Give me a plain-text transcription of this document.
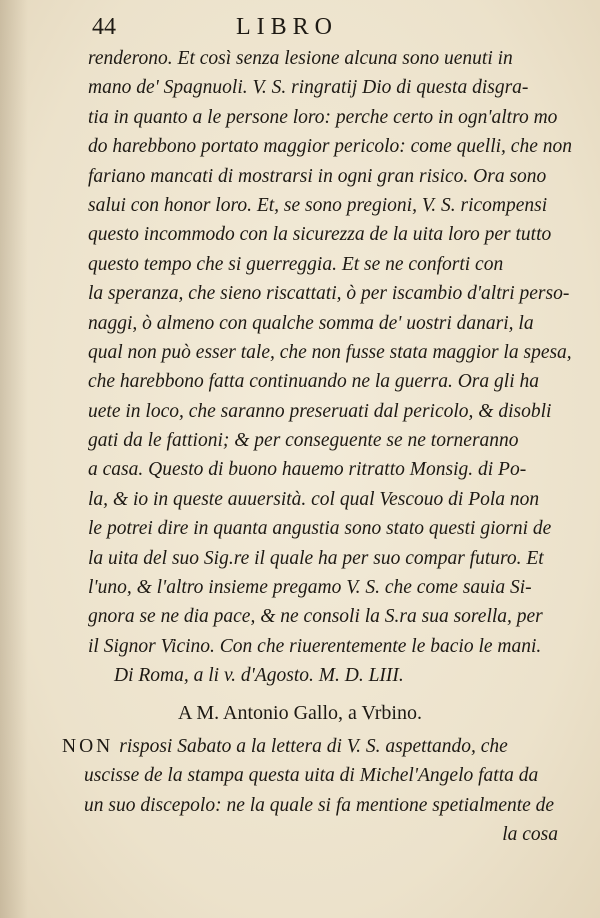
44	LIBRO
renderono. Et così senza lesione alcuna sono uenuti in
mano de' Spagnuoli. V. S. ringratij Dio di questa disgra-
tia in quanto a le persone loro: perche certo in ogn'altro mo
do harebbono portato maggior pericolo: come quelli, che non
fariano mancati di mostrarsi in ogni gran risico. Ora sono
salui con honor loro. Et, se sono pregioni, V. S. ricompensi
questo incommodo con la sicurezza de la uita loro per tutto
questo tempo che si guerreggia. Et se ne conforti con
la speranza, che sieno riscattati, ò per iscambio d'altri perso-
naggi, ò almeno con qualche somma de' uostri danari, la
qual non può esser tale, che non fusse stata maggior la spesa,
che harebbono fatta continuando ne la guerra. Ora gli ha
uete in loco, che saranno preseruati dal pericolo, & disobli
gati da le fattioni; & per conseguente se ne torneranno
a casa. Questo di buono hauemo ritratto Monsig. di Po-
la, & io in queste auuersità. col qual Vescouo di Pola non
le potrei dire in quanta angustia sono stato questi giorni de
la uita del suo Sig.re il quale ha per suo compar futuro. Et
l'uno, & l'altro insieme pregamo V. S. che come sauia Si-
gnora se ne dia pace, & ne consoli la S.ra sua sorella, per
il Signor Vicino. Con che riuerentemente le bacio le mani.
Di Roma, a li v. d'Agosto. M. D. LIII.
A M. Antonio Gallo, a Vrbino.
NON risposi Sabato a la lettera di V. S. aspettando, che
uscisse de la stampa questa uita di Michel'Angelo fatta da
un suo discepolo: ne la quale si fa mentione spetialmente de
la cosa
